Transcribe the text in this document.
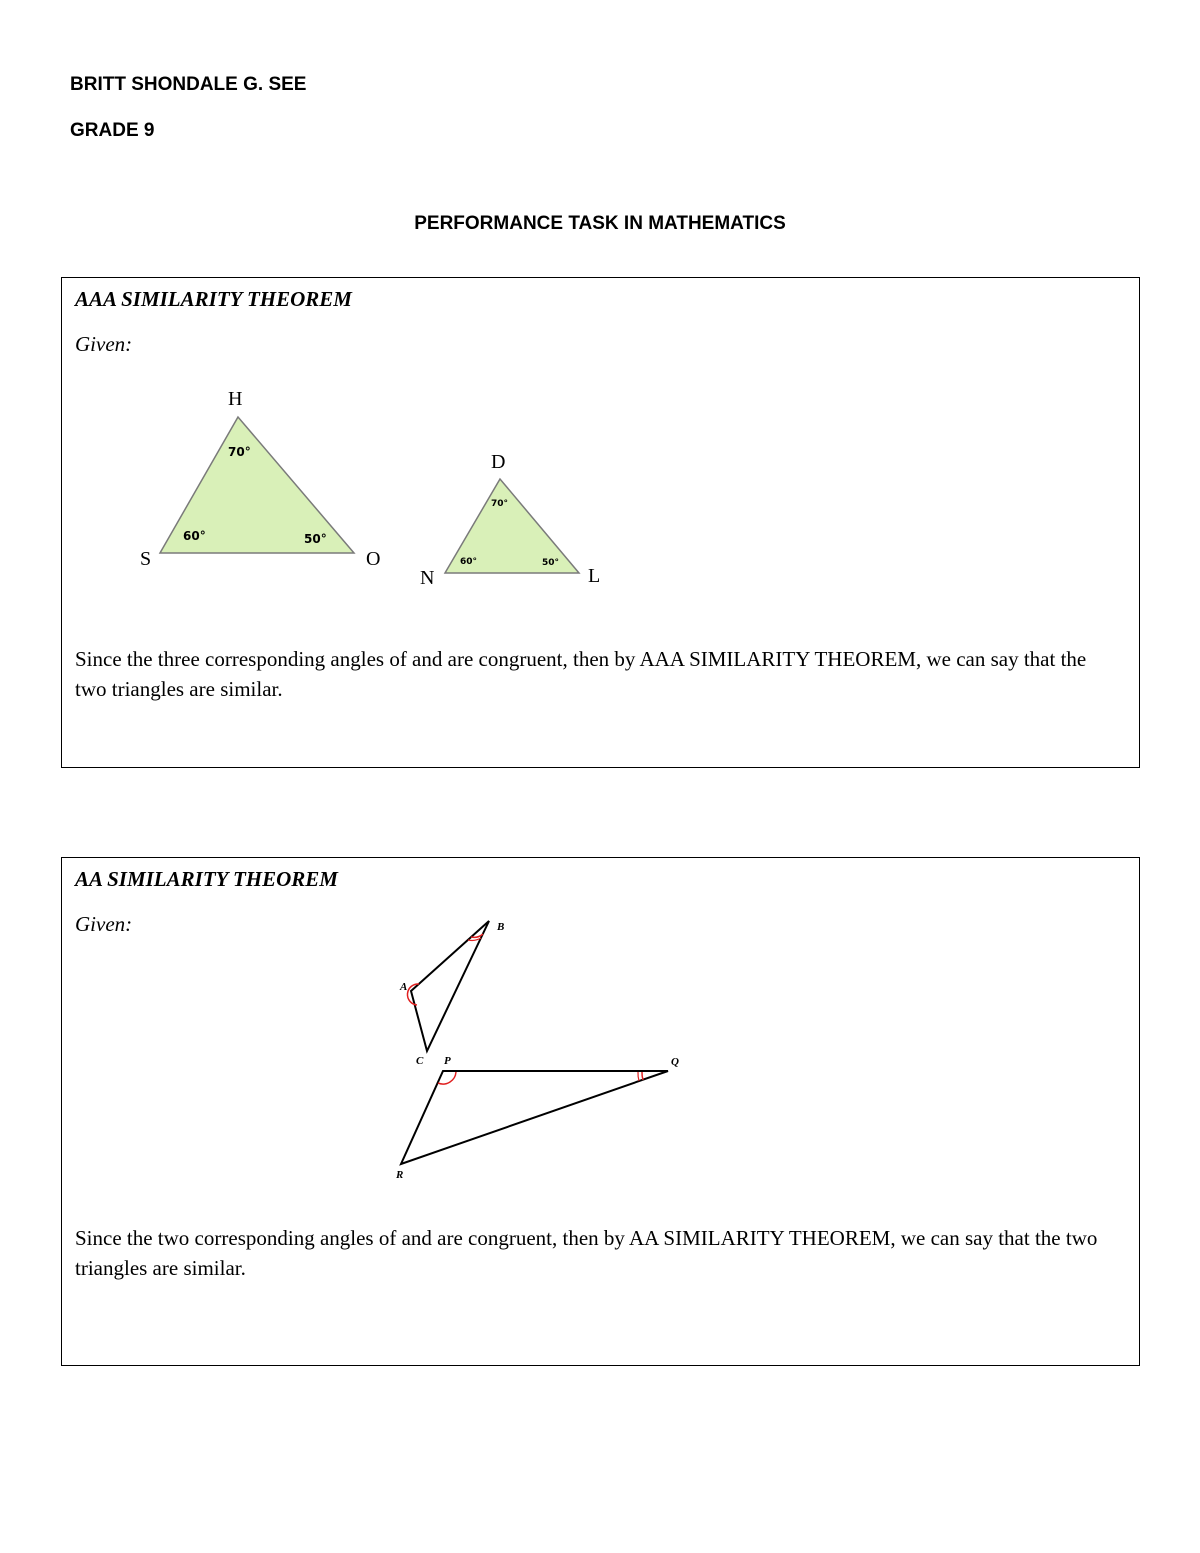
BRITT SHONDALE G. SEE
GRADE 9
PERFORMANCE TASK IN MATHEMATICS
AAA SIMILARITY THEOREM
Given:
H
S	O
70°
60°	50°
D
N	L
70°
60°	50°
Since the three corresponding angles of and are congruent, then by AAA SIMILARITY THEOREM, we can say that the two triangles are similar.
AA SIMILARITY THEOREM
Given:
A
B
C P	Q
R
Since the two corresponding angles of and are congruent, then by AA SIMILARITY THEOREM, we can say that the two triangles are similar.
